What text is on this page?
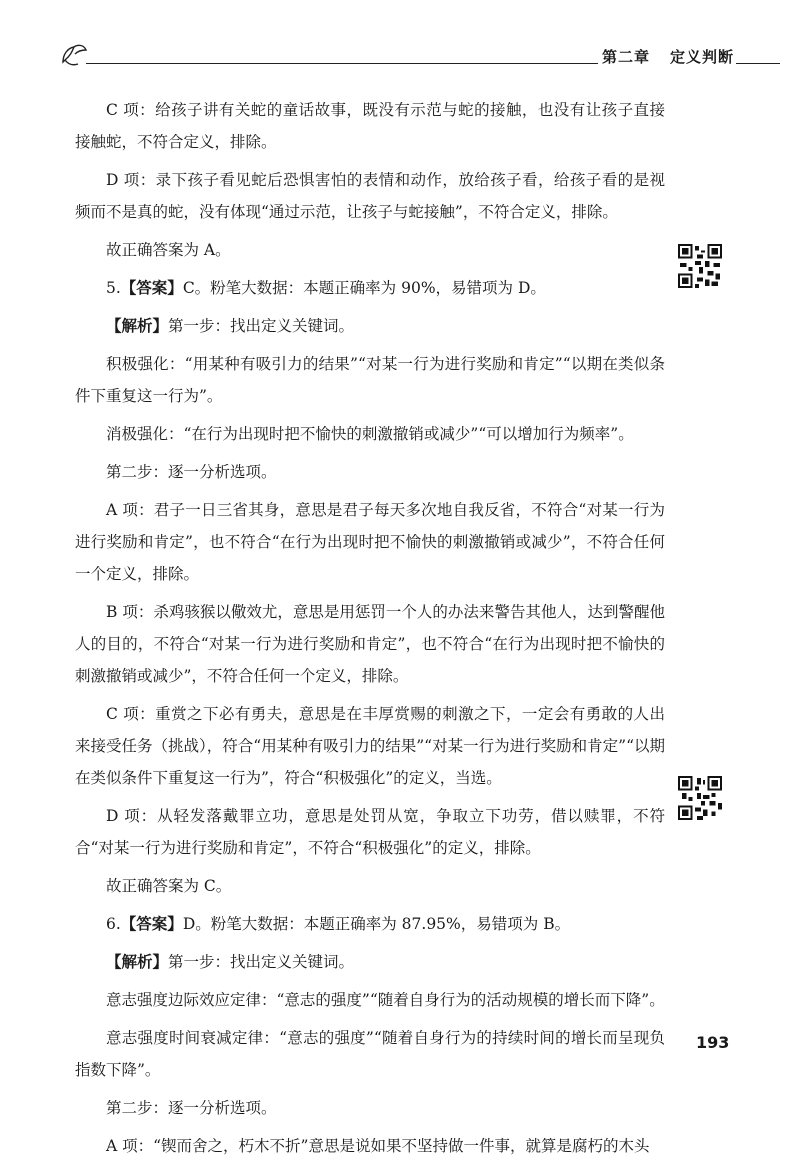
第二章 定义判断

C 项：给孩子讲有关蛇的童话故事，既没有示范与蛇的接触，也没有让孩子直接接触蛇，不符合定义，排除。

D 项：录下孩子看见蛇后恐惧害怕的表情和动作，放给孩子看，给孩子看的是视频而不是真的蛇，没有体现“通过示范，让孩子与蛇接触”，不符合定义，排除。

故正确答案为 A。

5.【答案】C。粉笔大数据：本题正确率为 90%，易错项为 D。

【解析】第一步：找出定义关键词。

积极强化：“用某种有吸引力的结果”“对某一行为进行奖励和肯定”“以期在类似条件下重复这一行为”。

消极强化：“在行为出现时把不愉快的刺激撤销或减少”“可以增加行为频率”。

第二步：逐一分析选项。

A 项：君子一日三省其身，意思是君子每天多次地自我反省，不符合“对某一行为进行奖励和肯定”，也不符合“在行为出现时把不愉快的刺激撤销或减少”，不符合任何一个定义，排除。

B 项：杀鸡骇猴以儆效尤，意思是用惩罚一个人的办法来警告其他人，达到警醒他人的目的，不符合“对某一行为进行奖励和肯定”，也不符合“在行为出现时把不愉快的刺激撤销或减少”，不符合任何一个定义，排除。

C 项：重赏之下必有勇夫，意思是在丰厚赏赐的刺激之下，一定会有勇敢的人出来接受任务（挑战），符合“用某种有吸引力的结果”“对某一行为进行奖励和肯定”“以期在类似条件下重复这一行为”，符合“积极强化”的定义，当选。

D 项：从轻发落戴罪立功，意思是处罚从宽，争取立下功劳，借以赎罪，不符合“对某一行为进行奖励和肯定”，不符合“积极强化”的定义，排除。

故正确答案为 C。

6.【答案】D。粉笔大数据：本题正确率为 87.95%，易错项为 B。

【解析】第一步：找出定义关键词。

意志强度边际效应定律：“意志的强度”“随着自身行为的活动规模的增长而下降”。

意志强度时间衰减定律：“意志的强度”“随着自身行为的持续时间的增长而呈现负指数下降”。

第二步：逐一分析选项。

A 项：“锲而舍之，朽木不折”意思是说如果不坚持做一件事，就算是腐朽的木头

193
